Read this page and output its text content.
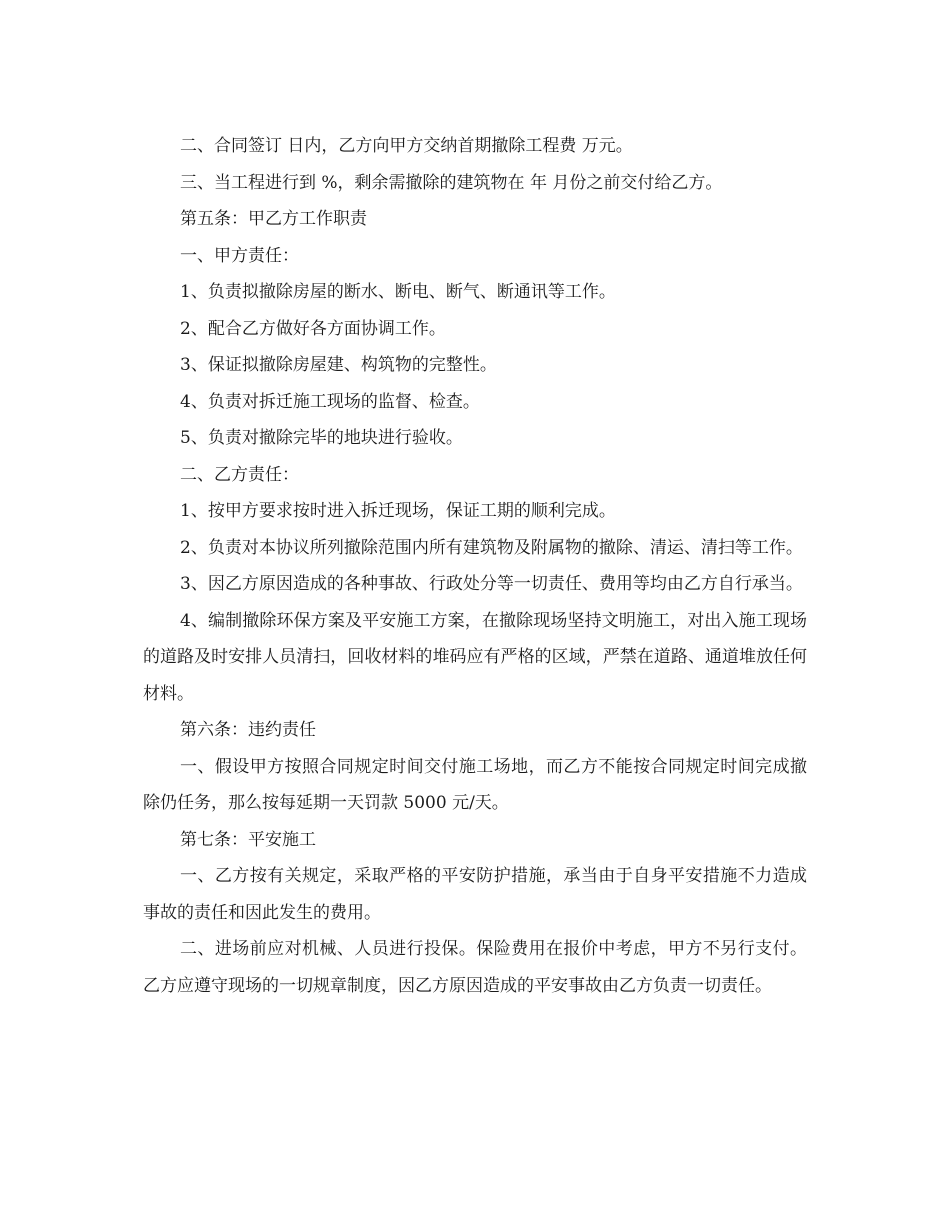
二、合同签订 日内，乙方向甲方交纳首期撤除工程费 万元。

三、当工程进行到 %，剩余需撤除的建筑物在 年 月份之前交付给乙方。

第五条：甲乙方工作职责

一、甲方责任：

1、负责拟撤除房屋的断水、断电、断气、断通讯等工作。

2、配合乙方做好各方面协调工作。

3、保证拟撤除房屋建、构筑物的完整性。

4、负责对拆迁施工现场的监督、检查。

5、负责对撤除完毕的地块进行验收。

二、乙方责任：

1、按甲方要求按时进入拆迁现场，保证工期的顺利完成。

2、负责对本协议所列撤除范围内所有建筑物及附属物的撤除、清运、清扫等工作。

3、因乙方原因造成的各种事故、行政处分等一切责任、费用等均由乙方自行承当。

4、编制撤除环保方案及平安施工方案，在撤除现场坚持文明施工，对出入施工现场的道路及时安排人员清扫，回收材料的堆码应有严格的区域，严禁在道路、通道堆放任何材料。

第六条：违约责任

一、假设甲方按照合同规定时间交付施工场地，而乙方不能按合同规定时间完成撤除仍任务，那么按每延期一天罚款 5000 元/天。

第七条：平安施工

一、乙方按有关规定，采取严格的平安防护措施，承当由于自身平安措施不力造成事故的责任和因此发生的费用。

二、进场前应对机械、人员进行投保。保险费用在报价中考虑，甲方不另行支付。乙方应遵守现场的一切规章制度，因乙方原因造成的平安事故由乙方负责一切责任。
